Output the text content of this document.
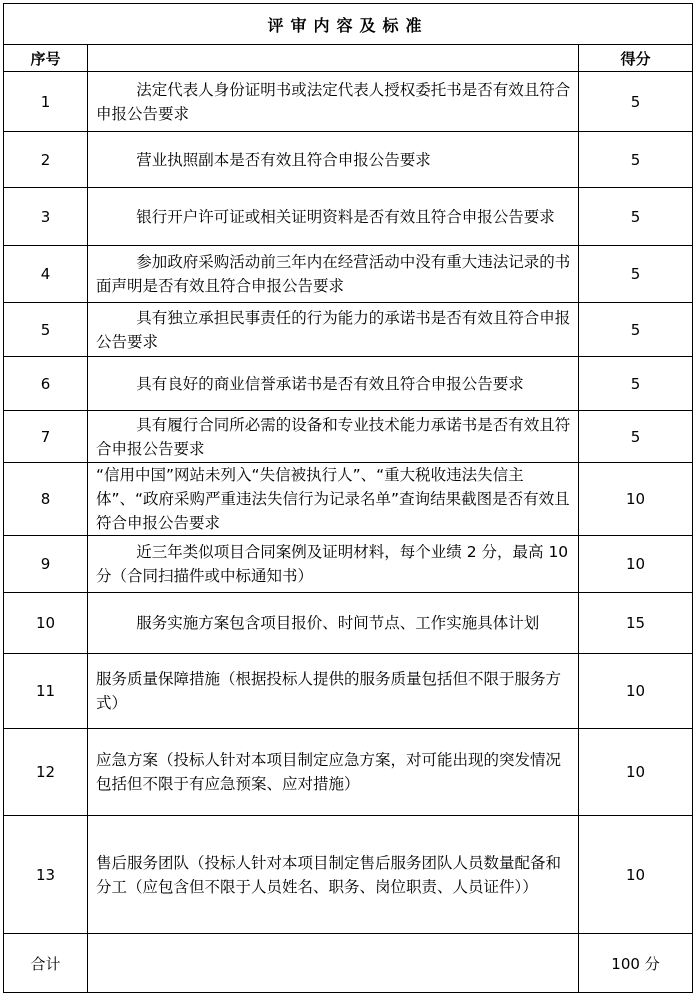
评审内容及标准		
序号		得分
1	法定代表人身份证明书或法定代表人授权委托书是否有效且符合申报公告要求	5
2	营业执照副本是否有效且符合申报公告要求	5
3	银行开户许可证或相关证明资料是否有效且符合申报公告要求	5
4	参加政府采购活动前三年内在经营活动中没有重大违法记录的书面声明是否有效且符合申报公告要求	5
5	具有独立承担民事责任的行为能力的承诺书是否有效且符合申报公告要求	5
6	具有良好的商业信誉承诺书是否有效且符合申报公告要求	5
7	具有履行合同所必需的设备和专业技术能力承诺书是否有效且符合申报公告要求	5
8	“信用中国”网站未列入“失信被执行人”、“重大税收违法失信主体”、“政府采购严重违法失信行为记录名单”查询结果截图是否有效且符合申报公告要求	10
9	近三年类似项目合同案例及证明材料，每个业绩 2 分，最高 10 分（合同扫描件或中标通知书）	10
10	服务实施方案包含项目报价、时间节点、工作实施具体计划	15
11	服务质量保障措施（根据投标人提供的服务质量包括但不限于服务方式）	10
12	应急方案（投标人针对本项目制定应急方案，对可能出现的突发情况包括但不限于有应急预案、应对措施）	10
13	售后服务团队（投标人针对本项目制定售后服务团队人员数量配备和分工（应包含但不限于人员姓名、职务、岗位职责、人员证件））	10
合计		100 分
